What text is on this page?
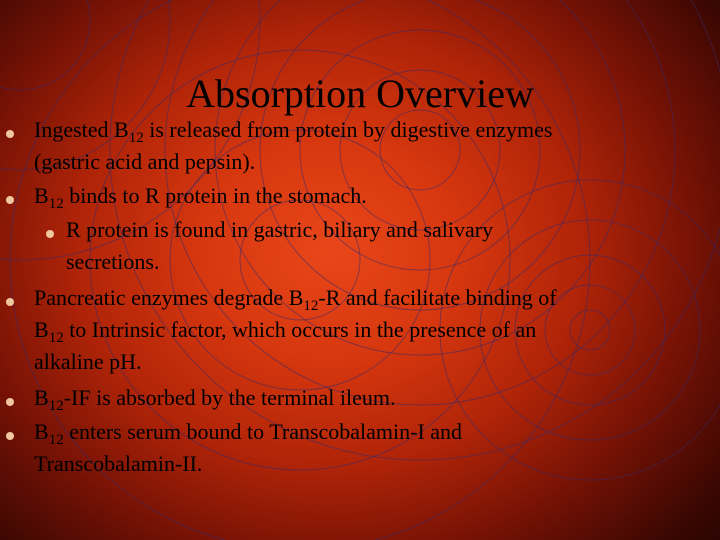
Absorption Overview
Ingested $B_{12}$ is released from protein by digestive enzymes
(gastric acid and pepsin).
$B_{12}$ binds to R protein in the stomach.
R protein is found in gastric, biliary and salivary
secretions.
Pancreatic enzymes degrade $B_{12}-R$ and facilitate binding of
$B_{12}$ to Intrinsic factor, which occurs in the presence of an
alkaline pH.
$B_{12}-IF$ is absorbed by the terminal ileum.
$B_{12}$ enters serum bound to Transcobalamin-I and
Transcobalamin-II.
